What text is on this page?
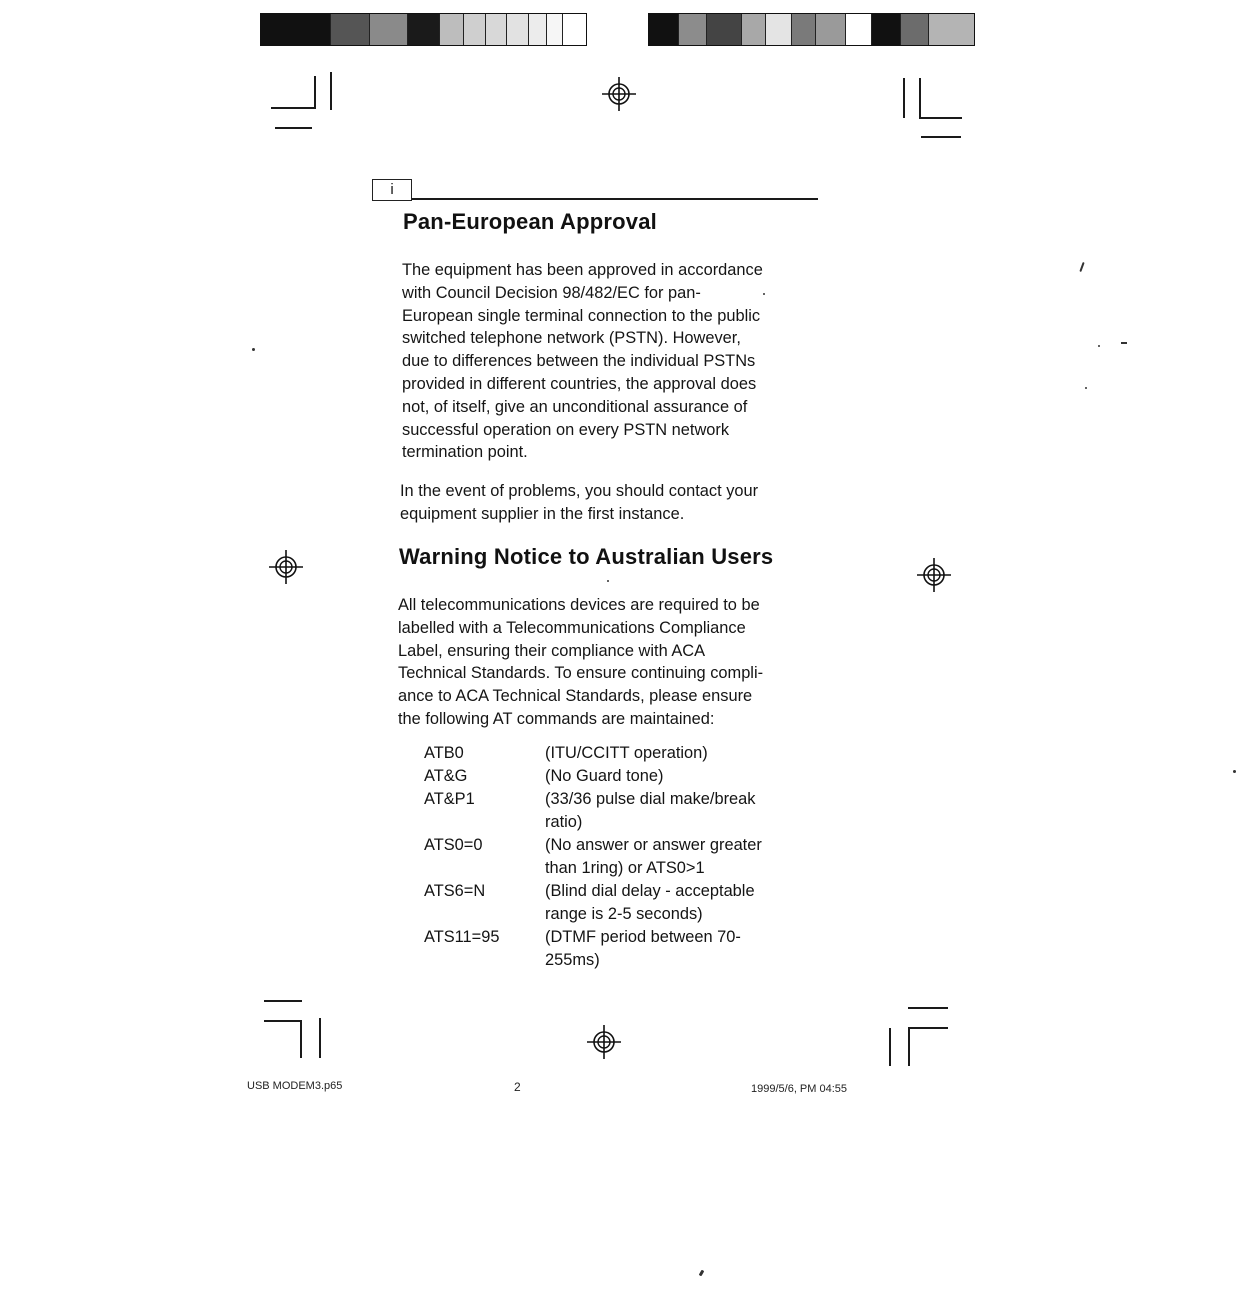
i
Pan-European Approval
The equipment has been approved in accordance
with Council Decision 98/482/EC for pan-
European single terminal connection to the public
switched telephone network (PSTN). However,
due to differences between the individual PSTNs
provided in different countries, the approval does
not, of itself, give an unconditional assurance of
successful operation on every PSTN network
termination point.
In the event of problems, you should contact your
equipment supplier in the first instance.
Warning Notice to Australian Users
All telecommunications devices are required to be
labelled with a Telecommunications Compliance
Label, ensuring their compliance with ACA
Technical Standards. To ensure continuing compli-
ance to ACA Technical Standards, please ensure
the following AT commands are maintained:
ATB0	(ITU/CCITT operation)
AT&G	(No Guard tone)
AT&P1	(33/36 pulse dial make/break
ratio)
ATS0=0	(No answer or answer greater
than 1ring) or ATS0>1
ATS6=N	(Blind dial delay - acceptable
range is 2-5 seconds)
ATS11=95	(DTMF period between 70-
255ms)
USB MODEM3.p65	2	1999/5/6, PM 04:55
